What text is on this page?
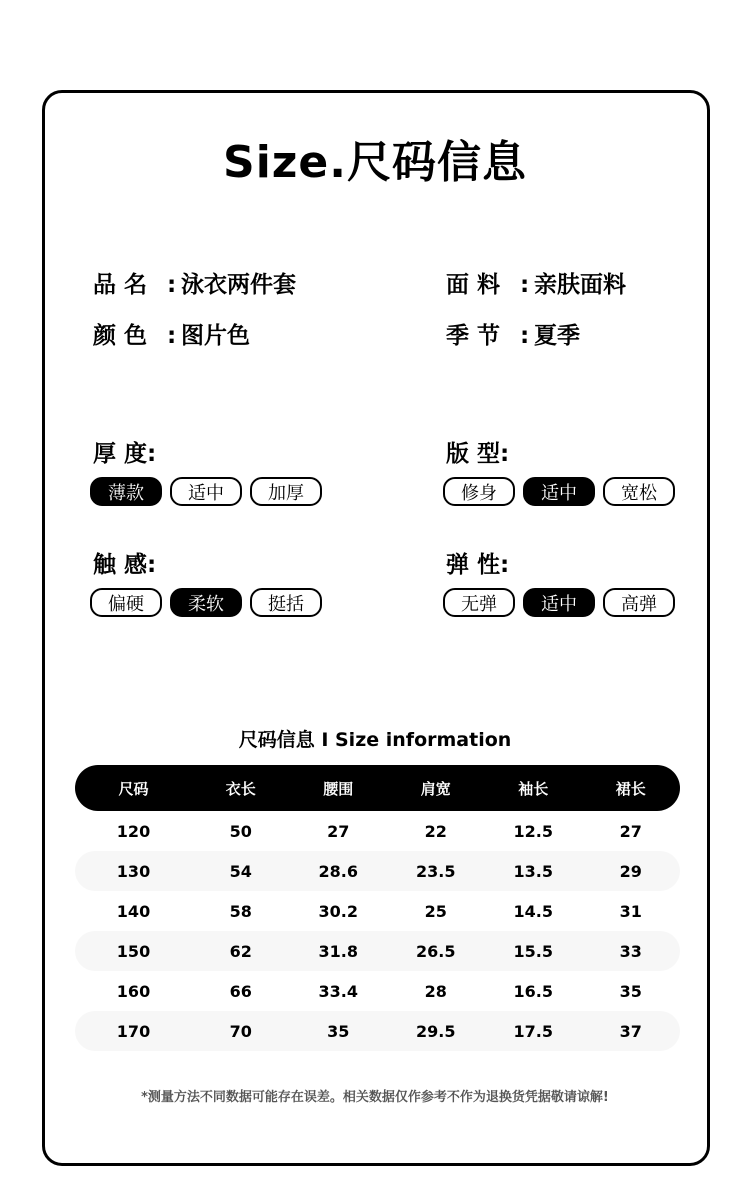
Size.尺码信息
品 名 : 泳衣两件套	面 料 : 亲肤面料
颜 色 : 图片色	季 节 : 夏季
厚 度:
薄款	适中	加厚
版 型:
修身	适中	宽松
触 感:
偏硬	柔软	挺括
弹 性:
无弹	适中	高弹
尺码信息 I Size information
尺码	衣长	腰围	肩宽	袖长	裙长
120	50	27	22	12.5	27
130	54	28.6	23.5	13.5	29
140	58	30.2	25	14.5	31
150	62	31.8	26.5	15.5	33
160	66	33.4	28	16.5	35
170	70	35	29.5	17.5	37
*测量方法不同数据可能存在误差。相关数据仅作参考不作为退换货凭据敬请谅解!
